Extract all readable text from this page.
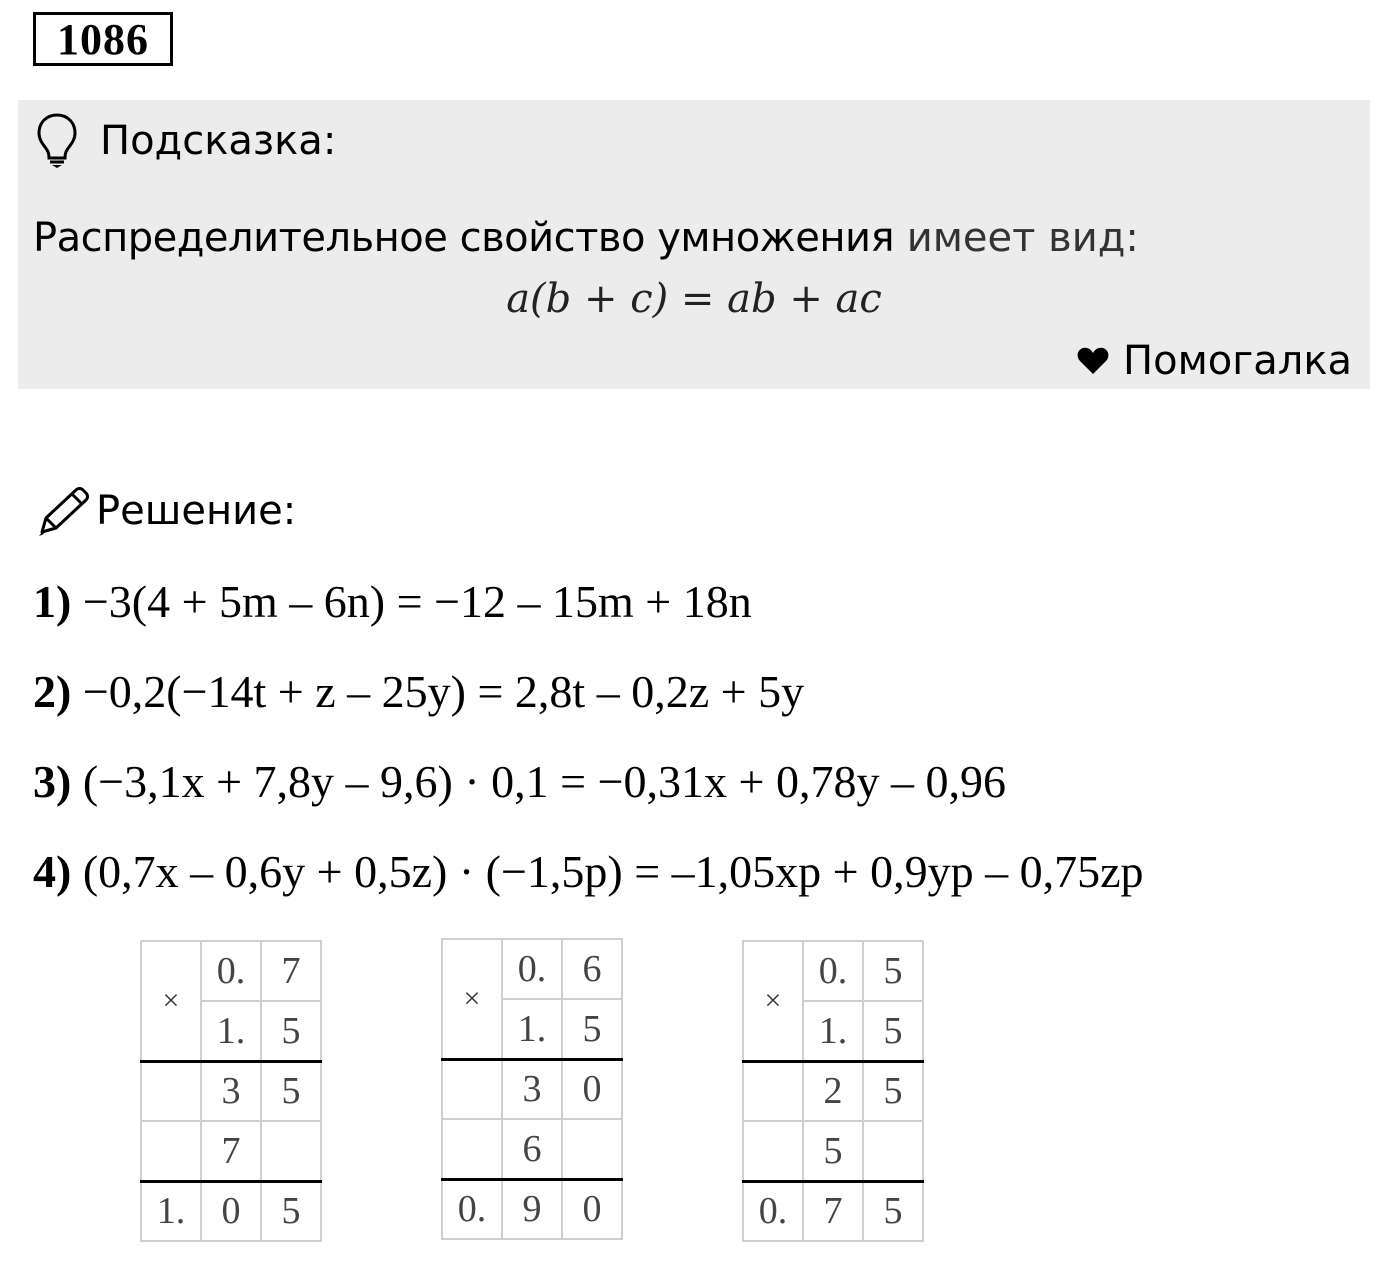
1086
Подсказка:
Распределительное свойство умножения имеет вид:
a(b + c) = ab + ac
Помогалка
Решение:
1) −3(4 + 5m – 6n) = −12 – 15m + 18n
2) −0,2(−14t + z – 25y) = 2,8t – 0,2z + 5y
3) (−3,1x + 7,8y – 9,6) · 0,1 = −0,31x + 0,78y – 0,96
4) (0,7x – 0,6y + 0,5z) · (−1,5p) = –1,05xp + 0,9yp – 0,75zp
×	0.	7
	1.	5
	3	5
	7	
1.	0	5
×	0.	6
	1.	5
	3	0
	6	
0.	9	0
×	0.	5
	1.	5
	2	5
	5	
0.	7	5
